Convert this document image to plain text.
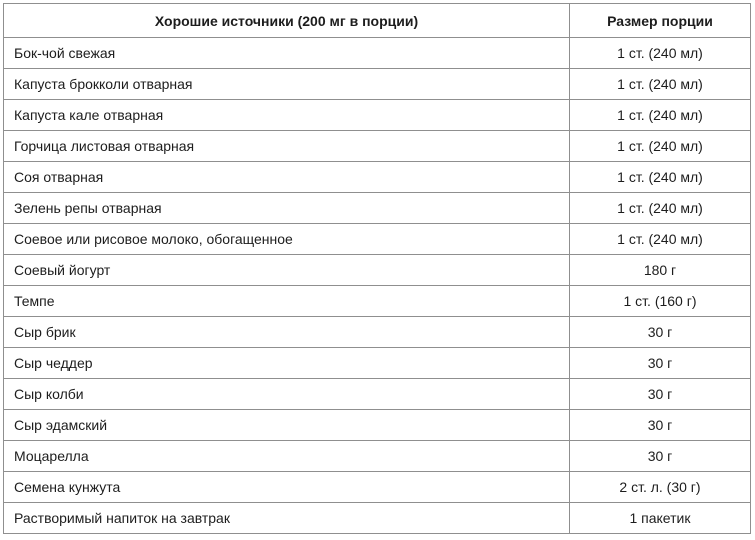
Хорошие источники (200 мг в порции)	Размер порции
Бок-чой свежая	1 ст. (240 мл)
Капуста брокколи отварная	1 ст. (240 мл)
Капуста кале отварная	1 ст. (240 мл)
Горчица листовая отварная	1 ст. (240 мл)
Соя отварная	1 ст. (240 мл)
Зелень репы отварная	1 ст. (240 мл)
Соевое или рисовое молоко, обогащенное	1 ст. (240 мл)
Соевый йогурт	180 г
Темпе	1 ст. (160 г)
Сыр брик	30 г
Сыр чеддер	30 г
Сыр колби	30 г
Сыр эдамский	30 г
Моцарелла	30 г
Семена кунжута	2 ст. л. (30 г)
Растворимый напиток на завтрак	1 пакетик
